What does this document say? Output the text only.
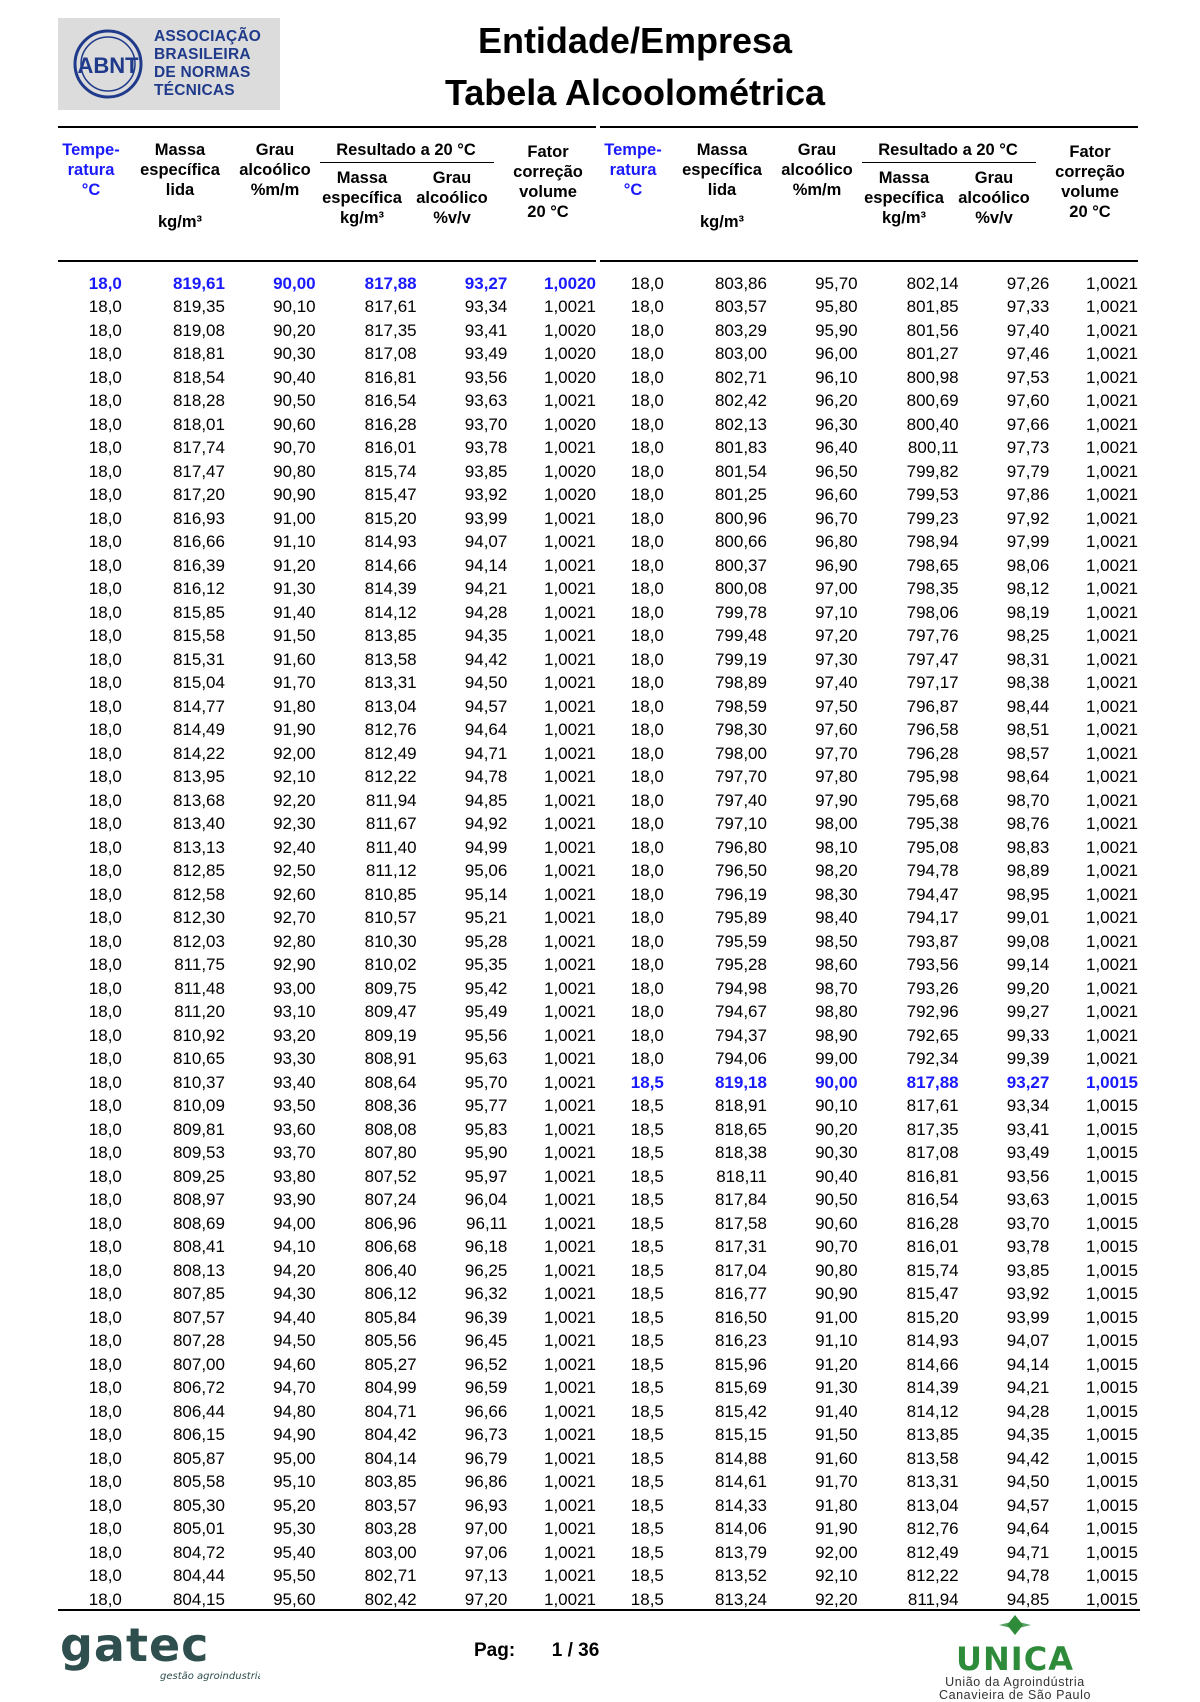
ABNT
ASSOCIAÇÃO
BRASILEIRA
DE NORMAS
TÉCNICAS
Entidade/Empresa
Tabela Alcoolométrica
Tempe-
ratura
°C
Massa
específica
lida
kg/m³
Grau
alcoólico
%m/m
Resultado a 20 °C
Massa
específica
kg/m³
Grau
alcoólico
%v/v
Fator
correção
volume
20 °C
18,0	819,61	90,00	817,88	93,27	1,0020
18,0	819,35	90,10	817,61	93,34	1,0021
18,0	819,08	90,20	817,35	93,41	1,0020
18,0	818,81	90,30	817,08	93,49	1,0020
18,0	818,54	90,40	816,81	93,56	1,0020
18,0	818,28	90,50	816,54	93,63	1,0021
18,0	818,01	90,60	816,28	93,70	1,0020
18,0	817,74	90,70	816,01	93,78	1,0021
18,0	817,47	90,80	815,74	93,85	1,0020
18,0	817,20	90,90	815,47	93,92	1,0020
18,0	816,93	91,00	815,20	93,99	1,0021
18,0	816,66	91,10	814,93	94,07	1,0021
18,0	816,39	91,20	814,66	94,14	1,0021
18,0	816,12	91,30	814,39	94,21	1,0021
18,0	815,85	91,40	814,12	94,28	1,0021
18,0	815,58	91,50	813,85	94,35	1,0021
18,0	815,31	91,60	813,58	94,42	1,0021
18,0	815,04	91,70	813,31	94,50	1,0021
18,0	814,77	91,80	813,04	94,57	1,0021
18,0	814,49	91,90	812,76	94,64	1,0021
18,0	814,22	92,00	812,49	94,71	1,0021
18,0	813,95	92,10	812,22	94,78	1,0021
18,0	813,68	92,20	811,94	94,85	1,0021
18,0	813,40	92,30	811,67	94,92	1,0021
18,0	813,13	92,40	811,40	94,99	1,0021
18,0	812,85	92,50	811,12	95,06	1,0021
18,0	812,58	92,60	810,85	95,14	1,0021
18,0	812,30	92,70	810,57	95,21	1,0021
18,0	812,03	92,80	810,30	95,28	1,0021
18,0	811,75	92,90	810,02	95,35	1,0021
18,0	811,48	93,00	809,75	95,42	1,0021
18,0	811,20	93,10	809,47	95,49	1,0021
18,0	810,92	93,20	809,19	95,56	1,0021
18,0	810,65	93,30	808,91	95,63	1,0021
18,0	810,37	93,40	808,64	95,70	1,0021
18,0	810,09	93,50	808,36	95,77	1,0021
18,0	809,81	93,60	808,08	95,83	1,0021
18,0	809,53	93,70	807,80	95,90	1,0021
18,0	809,25	93,80	807,52	95,97	1,0021
18,0	808,97	93,90	807,24	96,04	1,0021
18,0	808,69	94,00	806,96	96,11	1,0021
18,0	808,41	94,10	806,68	96,18	1,0021
18,0	808,13	94,20	806,40	96,25	1,0021
18,0	807,85	94,30	806,12	96,32	1,0021
18,0	807,57	94,40	805,84	96,39	1,0021
18,0	807,28	94,50	805,56	96,45	1,0021
18,0	807,00	94,60	805,27	96,52	1,0021
18,0	806,72	94,70	804,99	96,59	1,0021
18,0	806,44	94,80	804,71	96,66	1,0021
18,0	806,15	94,90	804,42	96,73	1,0021
18,0	805,87	95,00	804,14	96,79	1,0021
18,0	805,58	95,10	803,85	96,86	1,0021
18,0	805,30	95,20	803,57	96,93	1,0021
18,0	805,01	95,30	803,28	97,00	1,0021
18,0	804,72	95,40	803,00	97,06	1,0021
18,0	804,44	95,50	802,71	97,13	1,0021
18,0	804,15	95,60	802,42	97,20	1,0021
Tempe-
ratura
°C
Massa
específica
lida
kg/m³
Grau
alcoólico
%m/m
Resultado a 20 °C
Massa
específica
kg/m³
Grau
alcoólico
%v/v
Fator
correção
volume
20 °C
18,0	803,86	95,70	802,14	97,26	1,0021
18,0	803,57	95,80	801,85	97,33	1,0021
18,0	803,29	95,90	801,56	97,40	1,0021
18,0	803,00	96,00	801,27	97,46	1,0021
18,0	802,71	96,10	800,98	97,53	1,0021
18,0	802,42	96,20	800,69	97,60	1,0021
18,0	802,13	96,30	800,40	97,66	1,0021
18,0	801,83	96,40	800,11	97,73	1,0021
18,0	801,54	96,50	799,82	97,79	1,0021
18,0	801,25	96,60	799,53	97,86	1,0021
18,0	800,96	96,70	799,23	97,92	1,0021
18,0	800,66	96,80	798,94	97,99	1,0021
18,0	800,37	96,90	798,65	98,06	1,0021
18,0	800,08	97,00	798,35	98,12	1,0021
18,0	799,78	97,10	798,06	98,19	1,0021
18,0	799,48	97,20	797,76	98,25	1,0021
18,0	799,19	97,30	797,47	98,31	1,0021
18,0	798,89	97,40	797,17	98,38	1,0021
18,0	798,59	97,50	796,87	98,44	1,0021
18,0	798,30	97,60	796,58	98,51	1,0021
18,0	798,00	97,70	796,28	98,57	1,0021
18,0	797,70	97,80	795,98	98,64	1,0021
18,0	797,40	97,90	795,68	98,70	1,0021
18,0	797,10	98,00	795,38	98,76	1,0021
18,0	796,80	98,10	795,08	98,83	1,0021
18,0	796,50	98,20	794,78	98,89	1,0021
18,0	796,19	98,30	794,47	98,95	1,0021
18,0	795,89	98,40	794,17	99,01	1,0021
18,0	795,59	98,50	793,87	99,08	1,0021
18,0	795,28	98,60	793,56	99,14	1,0021
18,0	794,98	98,70	793,26	99,20	1,0021
18,0	794,67	98,80	792,96	99,27	1,0021
18,0	794,37	98,90	792,65	99,33	1,0021
18,0	794,06	99,00	792,34	99,39	1,0021
18,5	819,18	90,00	817,88	93,27	1,0015
18,5	818,91	90,10	817,61	93,34	1,0015
18,5	818,65	90,20	817,35	93,41	1,0015
18,5	818,38	90,30	817,08	93,49	1,0015
18,5	818,11	90,40	816,81	93,56	1,0015
18,5	817,84	90,50	816,54	93,63	1,0015
18,5	817,58	90,60	816,28	93,70	1,0015
18,5	817,31	90,70	816,01	93,78	1,0015
18,5	817,04	90,80	815,74	93,85	1,0015
18,5	816,77	90,90	815,47	93,92	1,0015
18,5	816,50	91,00	815,20	93,99	1,0015
18,5	816,23	91,10	814,93	94,07	1,0015
18,5	815,96	91,20	814,66	94,14	1,0015
18,5	815,69	91,30	814,39	94,21	1,0015
18,5	815,42	91,40	814,12	94,28	1,0015
18,5	815,15	91,50	813,85	94,35	1,0015
18,5	814,88	91,60	813,58	94,42	1,0015
18,5	814,61	91,70	813,31	94,50	1,0015
18,5	814,33	91,80	813,04	94,57	1,0015
18,5	814,06	91,90	812,76	94,64	1,0015
18,5	813,79	92,00	812,49	94,71	1,0015
18,5	813,52	92,10	812,22	94,78	1,0015
18,5	813,24	92,20	811,94	94,85	1,0015
gatec
gestão agroindustrial
Pag: 1 / 36	UNICA
União da Agroindústria
Canavieira de São Paulo
